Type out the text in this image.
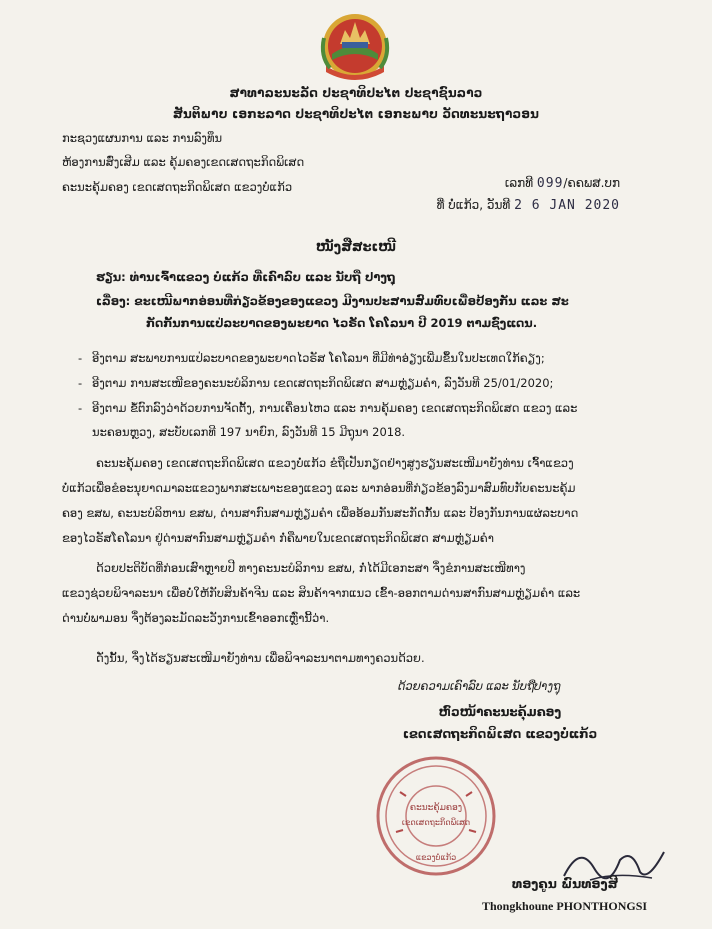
ສາທາລະນະລັດ ປະຊາທິປະໄຕ ປະຊາຊົນລາວ
ສັນຕິພາບ ເອກະລາດ ປະຊາທິປະໄຕ ເອກະພາບ ວັດທະນະຖາວອນ
ກະຊວງແຜນການ ແລະ ການລົງທຶນ
ຫ້ອງການສົ່ງເສີມ ແລະ ຄຸ້ມຄອງເຂດເສດຖະກິດພິເສດ
ຄະນະຄຸ້ມຄອງ ເຂດເສດຖະກິດພິເສດ ແຂວງບໍ່ແກ້ວ	ເລກທີ 099/ຄຄພສ.ບກ
ທີ່ ບໍ່ແກ້ວ, ວັນທີ 2 6 JAN 2020
ໜັງສືສະເໜີ
ຮຽນ: ທ່ານເຈົ້າແຂວງ ບໍ່ແກ້ວ ທີ່ເຄົາລົບ ແລະ ນັບຖື ປາງຖຸ
ເລື່ອງ: ຂະເໜີພາກອ່ອນທີ່ກ່ຽວຂ້ອງຂອງແຂວງ ມີງານປະສານສົມທົບເພື່ອປ້ອງກັນ ແລະ ສະ
ກັດກັ້ນການແປ່ລະບາດຂອງພະຍາດ ໄວຣັດ ໂຄໂລນາ ປີ 2019 ຕາມຊົ່ງແດນ.
- ອີງຕາມ ສະພາບການແປ່ລະບາດຂອງພະຍາດໄວຣັສ ໂຄໂລນາ ທີ່ມີທ່າອ່ຽງເພີ່ມຂຶ້ນໃນປະເທດໃກ້ຄຽງ;
- ອີງຕາມ ການສະເໜີຂອງຄະນະບໍລິການ ເຂດເສດຖະກິດພິເສດ ສາມຫຼ່ຽມຄຳ, ລົງວັນທີ 25/01/2020;
- ອີງຕາມ ຂໍ້ຕົກລົງວ່າດ້ວຍການຈັດຕັ້ງ, ການເຄື່ອນໄຫວ ແລະ ການຄຸ້ມຄອງ ເຂດເສດຖະກິດພິເສດ ແຂວງ ແລະ
ນະຄອນຫຼວງ, ສະບັບເລກທີ 197 ນາຍົກ, ລົງວັນທີ 15 ມີຖຸນາ 2018.
ຄະນະຄຸ້ມຄອງ ເຂດເສດຖະກິດພິເສດ ແຂວງບໍ່ແກ້ວ ຂໍຖືເປັນກຽດຢ່າງສູງຮຽນສະເໜີມາຍັງທ່ານ ເຈົ້າແຂວງ
ບໍ່ແກ້ວເພື່ອຂໍອະນຸຍາດມາລະແຂວງພາກສະເພາະຂອງແຂວງ ແລະ ພາກອ່ອນທີ່ກ່ຽວຂ້ອງລົງມາສົມທົບກັບຄະນະຄຸ້ມ
ຄອງ ຂສພ, ຄະນະບໍລິຫານ ຂສພ, ດ່ານສາກົນສາມຫຼ່ຽມຄຳ ເພື່ອອ້ອມກັນສະກັດກັ້ນ ແລະ ປ້ອງກັນການແຜ່ລະບາດ
ຂອງໄວຣັສໂຄໂລນາ ຢູ່ດ່ານສາກົນສາມຫຼ່ຽມຄຳ ກໍ່ຄືພາຍໃນເຂດເສດຖະກິດພິເສດ ສາມຫຼ່ຽມຄຳ
ດ້ວຍປະຕິບັດທີ່ກ່ອນເສົາຫຼາຍປີ ທາງຄະນະບໍລິການ ຂສພ, ກໍ່ໄດ້ມີເອກະສາ ຈຶ່ງຂໍການສະເໜີທາງ
ແຂວງຊ່ວຍພິຈາລະນາ ເພື່ອບໍ່ໃຫ້ກັບສິນຄ້າຈີນ ແລະ ສິນຄ້າຈາກແນວ ເຂົ້າ-ອອກຕາມດ່ານສາກົນສາມຫຼ່ຽມຄຳ ແລະ
ດ່ານບໍ່ພາມອນ ຈຶ່ງຕ້ອງລະມັດລະວັງການເຂົ້າອອກເຫຼົ່ານີ້ວ່າ.
ດັ່ງນັ້ນ, ຈຶ່ງໄດ້ຮຽນສະເໜີມາຍັງທ່ານ ເພື່ອພິຈາລະນາຕາມທາງຄວນດ້ວຍ.
ດ້ວຍຄວາມເຄົາລົບ ແລະ ນັບຖືປາງຖຸ
ຫົວໜ້າຄະນະຄຸ້ມຄອງ
ເຂດເສດຖະກິດພິເສດ ແຂວງບໍ່ແກ້ວ
ຄະນະຄຸ້ມຄອງ
ເຂດເສດຖະກິດພິເສດ
ແຂວງບໍ່ແກ້ວ
ທອງຄູນ ພົນທອງສີ
Thongkhoune PHONTHONGSI
